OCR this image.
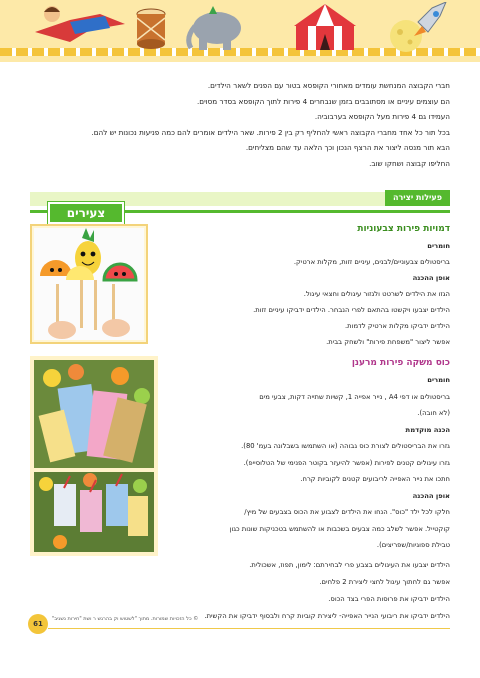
חברי הקבוצה המנחשת עומדים מאחורי הקופסא בטור עם הפנים לשאר הילדים.

הם עוצמים עיניים או מסתובבים בזמן שנבחרים 4 פירות לתוך הקופסא בסדר מסוים.

העמידו גם 4 פירות מעל הקופסא בערבוביה.

בכל תור כל אחד מחברי הקבוצה ראשי להחליף רק בין 2 פירות. שאר הילדים אומרים להם כמה פניעות נכונות יש להם.

הבא תור מנסה ליצור את הרצף הנכון וכך הלאה עד שהם מצליחים.

החליפו קבוצה ושחקו שוב.

פעילות יצירה
צעירים
דמויות פירות צבעוניות

חומרים

בריסטולים צבעוניים/לבנים, עיניים זזות, מקלות ארטיק.

אופן ההכנה

הגזו את הילדים לשרטט ולגזור עיגולים וחצאי עיגול.

הילדים יצבעו ויקשטו בהתאם לפרי הנבחר. הילדים ידביקו עיניים זזות.

הילדים ידביקו מקלות ארטיק לדמות.

אפשר ליצור "משפחת פירות" ולשחק בבית.

כוס משקה פירות מרענן

חומרים

בריסטולים או דפי A4 , נייר אפייה 1, קשיות שתייה דקות, צבעי מים

(לא חובה).

הכנה מוקדמת

גזרו את הבריסטולים לצורת כוס גבוהה (או השתמשו בשבלונה בעמ' 80).

גזרו עיגולים קטנים לפירות (אפשר להיעזר בקוטר הפנימי של הטלוסייפ).

חתכו את נייר האפייה לריבועים קטנים לקוביות קרח.

אופן ההכנה

חלקו לכל ילד "כוס". הנחו את הילדים לצבוע את הכוס בצבעים של מיץ/

קוקטייל. אפשר לשלב כמה צבעים בשכבות או להשתמש בטכניקות שונות כגון

טבילת ספוגיות/שפריצים).

הילדים יצבעו את העיגולים בצבע פרי לבחירתם: לימון, תפוז, אשכולית.

אפשר גם לחתוך עיגול לחצי ליצירת 2 פלחים.

הילדים ידביקו את פרוסות הפרי בצד הכוס.

הילדים ידביקו את ריבועי הנייר האפייה- ליצירת קוביות קרח ולבסוף ידביקו את הקשית.

61
© כל הזכויות שמורות. מתוך "לשטוש וק בהרגש ר ושת "חירות נשגיב"
